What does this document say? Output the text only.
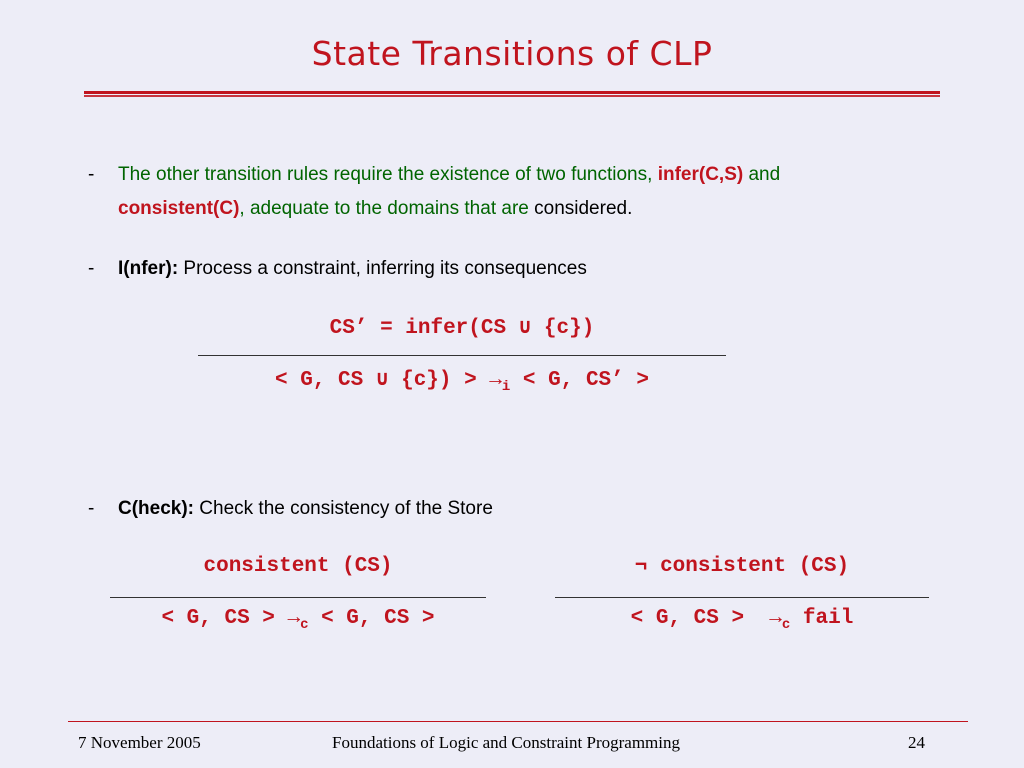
State Transitions of CLP
-	The other transition rules require the existence of two functions, infer(C,S) and
consistent(C), adequate to the domains that are considered.
-	I(nfer): Process a constraint, inferring its consequences
CS’ = infer(CS ∪ {c})
< G, CS ∪ $\{c\}) > \to_i < G$, CS’ >
-	C(heck): Check the consistency of the Store
consistent (CS)
< G, CS > $\to_c < G$, CS >
¬ consistent (CS)
< G, CS >  $\to_c$ fail
7 November 2005	Foundations of Logic and Constraint Programming	24
